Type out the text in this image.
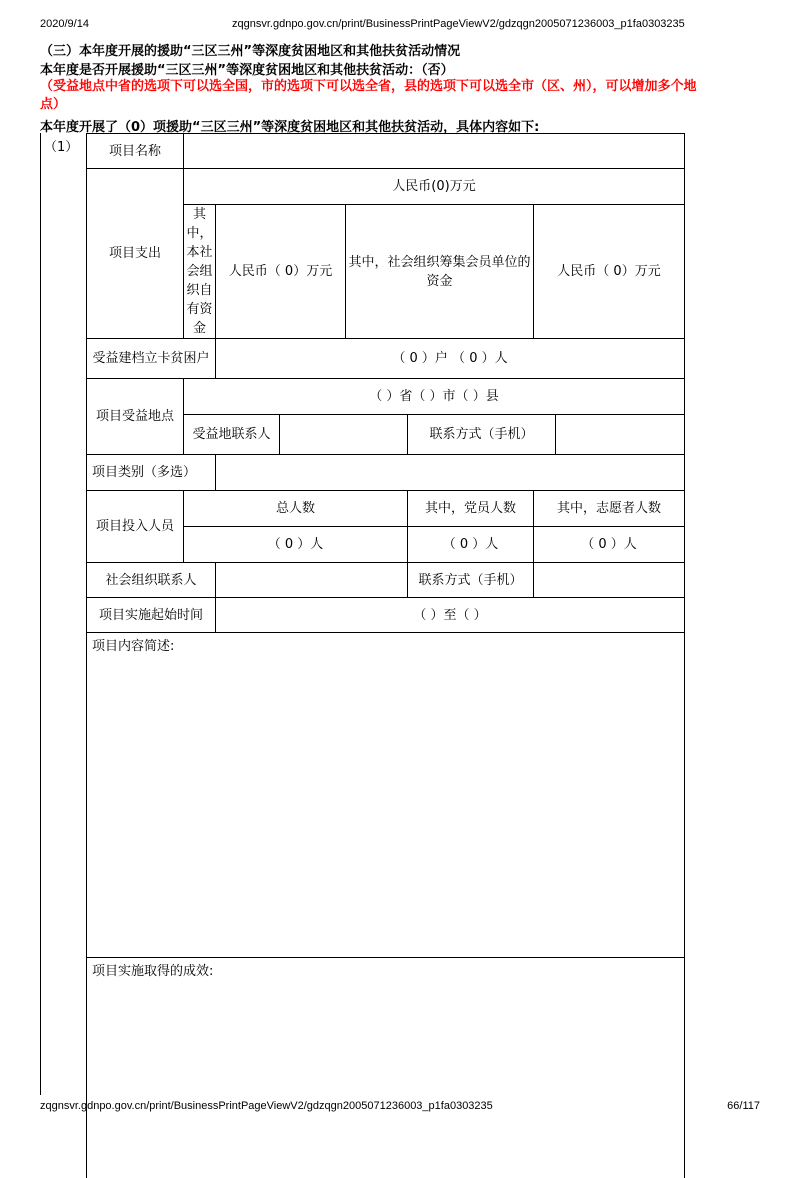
2020/9/14	zqgnsvr.gdnpo.gov.cn/print/BusinessPrintPageViewV2/gdzqgn2005071236003_p1fa0303235
（三）本年度开展的援助“三区三州”等深度贫困地区和其他扶贫活动情况
本年度是否开展援助“三区三州”等深度贫困地区和其他扶贫活动：（否）
（受益地点中省的选项下可以选全国，市的选项下可以选全省，县的选项下可以选全市（区、州），可以增加多个地点）
本年度开展了（0）项援助“三区三州”等深度贫困地区和其他扶贫活动，具体内容如下:
（1） 项目名称							
项目支出	人民币(0)万元						
	其中，本社会组织自有资金	人民币（ 0）万元		其中，社会组织筹集会员单位的资金		人民币（ 0）万元	
受益建档立卡贫困户		（ 0 ）户 （ 0 ）人					
项目受益地点	（ ）省（ ）市（ ）县						
	受益地联系人				联系方式（手机）		
项目类别（多选）							
项目投入人员	总人数				其中，党员人数	其中，志愿者人数	
	（ 0 ）人				（ 0 ）人	（ 0 ）人	
社会组织联系人					联系方式（手机）		
项目实施起始时间		（ ）至（ ）					
项目内容简述:							
项目实施取得的成效:							
zqgnsvr.gdnpo.gov.cn/print/BusinessPrintPageViewV2/gdzqgn2005071236003_p1fa0303235	66/117
